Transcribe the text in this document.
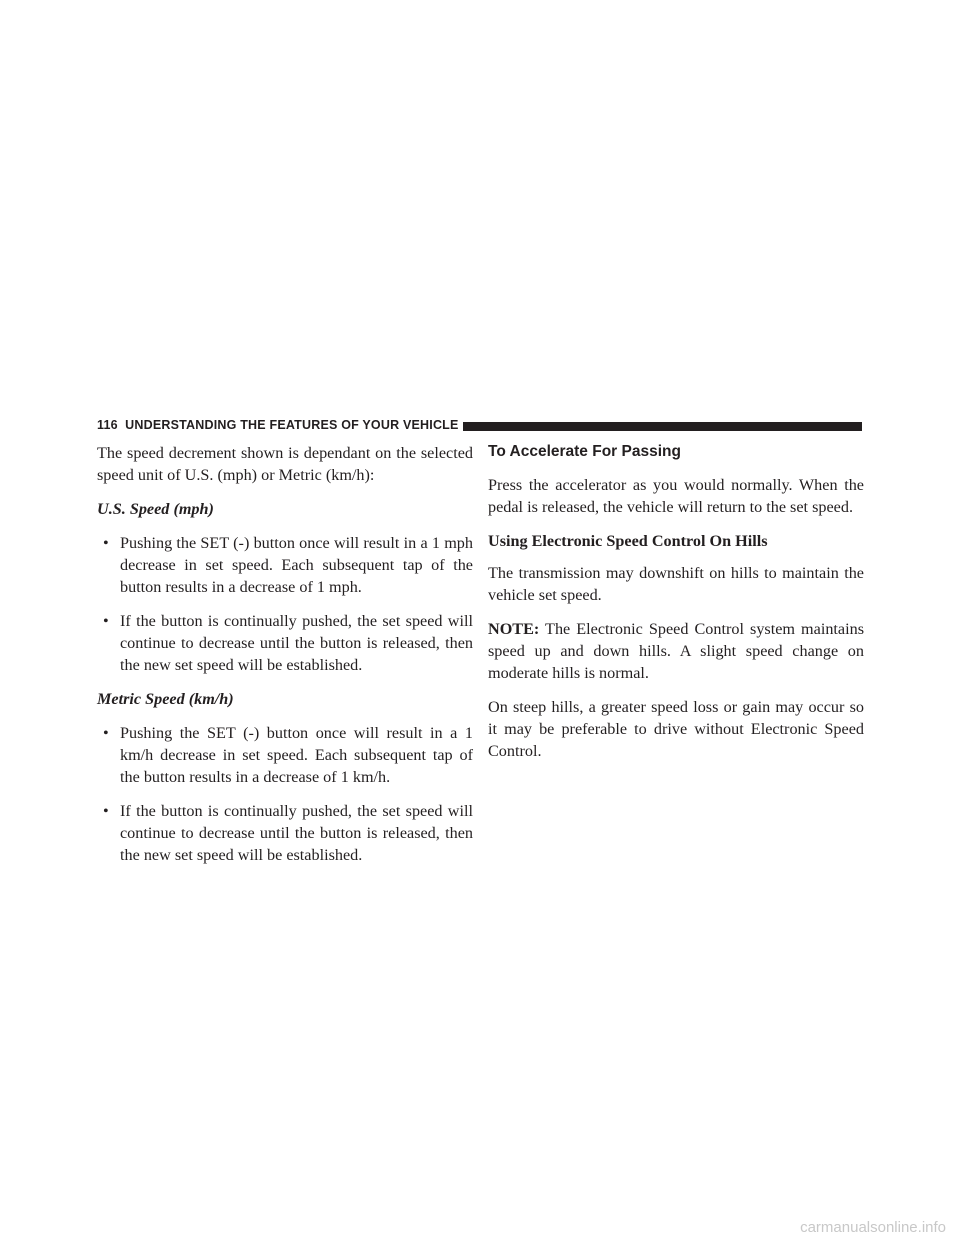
116 UNDERSTANDING THE FEATURES OF YOUR VEHICLE

The speed decrement shown is dependant on the selected speed unit of U.S. (mph) or Metric (km/h):

U.S. Speed (mph)
• Pushing the SET (-) button once will result in a 1 mph decrease in set speed. Each subsequent tap of the button results in a decrease of 1 mph.
• If the button is continually pushed, the set speed will continue to decrease until the button is released, then the new set speed will be established.
Metric Speed (km/h)
• Pushing the SET (-) button once will result in a 1 km/h decrease in set speed. Each subsequent tap of the button results in a decrease of 1 km/h.
• If the button is continually pushed, the set speed will continue to decrease until the button is released, then the new set speed will be established.
To Accelerate For Passing

Press the accelerator as you would normally. When the pedal is released, the vehicle will return to the set speed.

Using Electronic Speed Control On Hills

The transmission may downshift on hills to maintain the vehicle set speed.

NOTE: The Electronic Speed Control system maintains speed up and down hills. A slight speed change on moderate hills is normal.

On steep hills, a greater speed loss or gain may occur so it may be preferable to drive without Electronic Speed Control.

carmanualsonline.info
